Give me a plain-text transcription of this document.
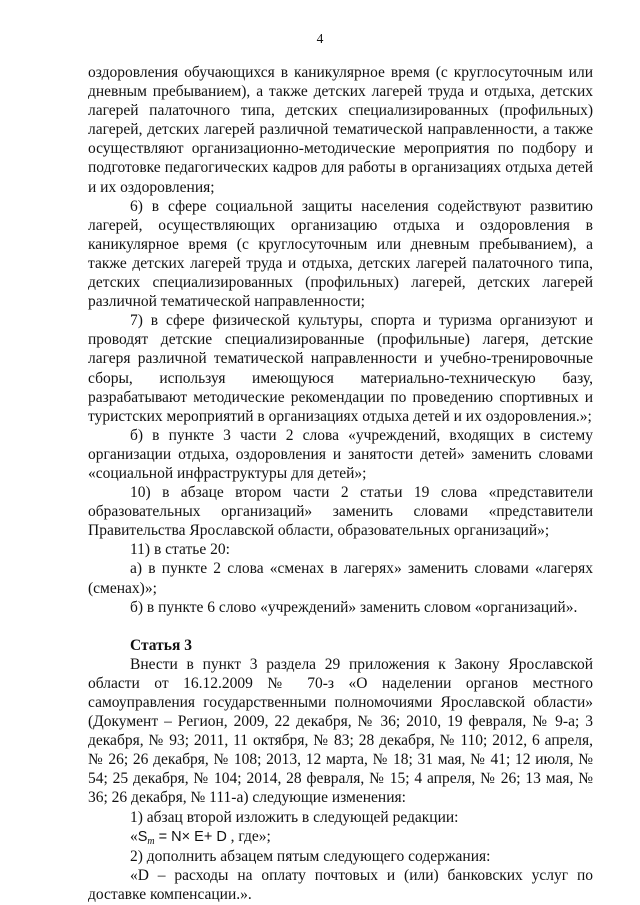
4

оздоровления обучающихся в каникулярное время (с круглосуточным или дневным пребыванием), а также детских лагерей труда и отдыха, детских лагерей палаточного типа, детских специализированных (профильных) лагерей, детских лагерей различной тематической направленности, а также осуществляют организационно-методические мероприятия по подбору и подготовке педагогических кадров для работы в организациях отдыха детей и их оздоровления;

6) в сфере социальной защиты населения содействуют развитию лагерей, осуществляющих организацию отдыха и оздоровления в каникулярное время (с круглосуточным или дневным пребыванием), а также детских лагерей труда и отдыха, детских лагерей палаточного типа, детских специализированных (профильных) лагерей, детских лагерей различной тематической направленности;

7) в сфере физической культуры, спорта и туризма организуют и проводят детские специализированные (профильные) лагеря, детские лагеря различной тематической направленности и учебно-тренировочные сборы, используя имеющуюся материально-техническую базу, разрабатывают методические рекомендации по проведению спортивных и туристских мероприятий в организациях отдыха детей и их оздоровления.»;

б) в пункте 3 части 2 слова «учреждений, входящих в систему организации отдыха, оздоровления и занятости детей» заменить словами «социальной инфраструктуры для детей»;

10) в абзаце втором части 2 статьи 19 слова «представители образовательных организаций» заменить словами «представители Правительства Ярославской области, образовательных организаций»;

11) в статье 20:

а) в пункте 2 слова «сменах в лагерях» заменить словами «лагерях (сменах)»;

б) в пункте 6 слово «учреждений» заменить словом «организаций».

Статья 3

Внести в пункт 3 раздела 29 приложения к Закону Ярославской области от 16.12.2009 № 70-з «О наделении органов местного самоуправления государственными полномочиями Ярославской области» (Документ – Регион, 2009, 22 декабря, № 36; 2010, 19 февраля, № 9-а; 3 декабря, № 93; 2011, 11 октября, № 83; 28 декабря, № 110; 2012, 6 апреля, № 26; 26 декабря, № 108; 2013, 12 марта, № 18; 31 мая, № 41; 12 июля, № 54; 25 декабря, № 104; 2014, 28 февраля, № 15; 4 апреля, № 26; 13 мая, № 36; 26 декабря, № 111-а) следующие изменения:

1) абзац второй изложить в следующей редакции:

«$S_m = N\times E+ D$ , где»;

2) дополнить абзацем пятым следующего содержания:

«D – расходы на оплату почтовых и (или) банковских услуг по доставке компенсации.».
